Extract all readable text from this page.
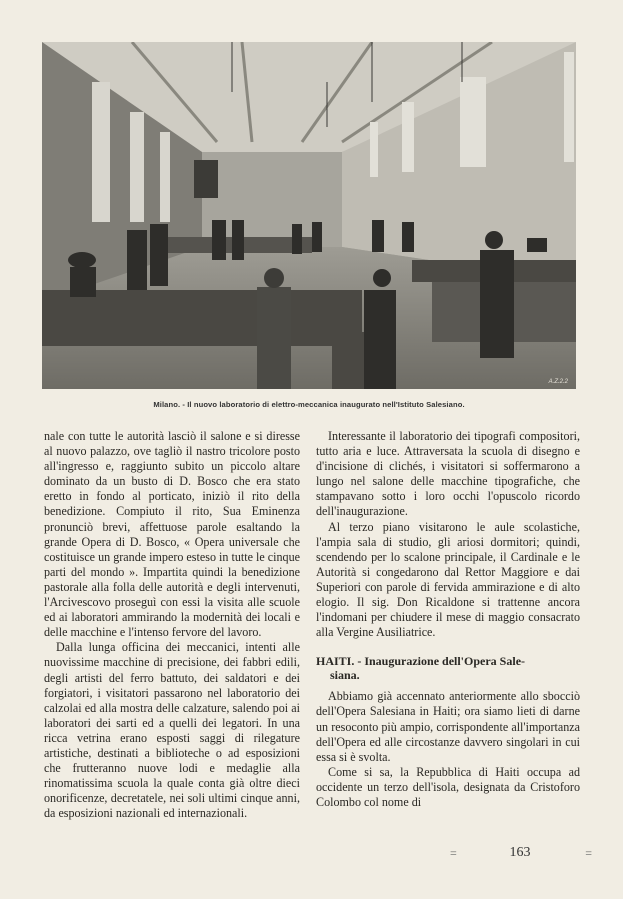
A.Z.2.2
Milano. - Il nuovo laboratorio di elettro-meccanica inaugurato nell'Istituto Salesiano.

nale con tutte le autorità lasciò il salone e si diresse al nuovo palazzo, ove tagliò il nastro tricolore posto all'ingresso e, raggiunto subito un piccolo altare dominato da un busto di D. Bosco che era stato eretto in fondo al porticato, iniziò il rito della benedizione. Compiuto il rito, Sua Eminenza pronunciò brevi, affettuose parole esaltando la grande Opera di D. Bosco, « Opera universale che costituisce un grande impero esteso in tutte le cinque parti del mondo ». Impartita quindi la benedizione pastorale alla folla delle autorità e degli intervenuti, l'Arcivescovo proseguì con essi la visita alle scuole ed ai laboratori ammirando la modernità dei locali e delle macchine e l'intenso fervore del lavoro.

Dalla lunga officina dei meccanici, intenti alle nuovissime macchine di precisione, dei fabbri edili, degli artisti del ferro battuto, dei saldatori e dei forgiatori, i visitatori passarono nel laboratorio dei calzolai ed alla mostra delle calzature, salendo poi ai laboratori dei sarti ed a quelli dei legatori. In una ricca vetrina erano esposti saggi di rilegature artistiche, destinati a biblioteche o ad esposizioni che frutteranno nuove lodi e medaglie alla rinomatissima scuola la quale conta già oltre dieci onorificenze, decretatele, nei soli ultimi cinque anni, da esposizioni nazionali ed internazionali.

Interessante il laboratorio dei tipografi compositori, tutto aria e luce. Attraversata la scuola di disegno e d'incisione di clichés, i visitatori si soffermarono a lungo nel salone delle macchine tipografiche, che stampavano sotto i loro occhi l'opuscolo ricordo dell'inaugurazione.

Al terzo piano visitarono le aule scolastiche, l'ampia sala di studio, gli ariosi dormitori; quindi, scendendo per lo scalone principale, il Cardinale e le Autorità si congedarono dal Rettor Maggiore e dai Superiori con parole di fervida ammirazione e di alto elogio. Il sig. Don Ricaldone si trattenne ancora l'indomani per chiudere il mese di maggio consacrato alla Vergine Ausiliatrice.

HAITI. - Inaugurazione dell'Opera Sale-
siana.

Abbiamo già accennato anteriormente allo sbocciò dell'Opera Salesiana in Haiti; ora siamo lieti di darne un resoconto più ampio, corrispondente all'importanza dell'Opera ed alle circostanze davvero singolari in cui essa si è svolta.

Come si sa, la Repubblica di Haiti occupa ad occidente un terzo dell'isola, designata da Cristoforo Colombo col nome di

=	163	=
